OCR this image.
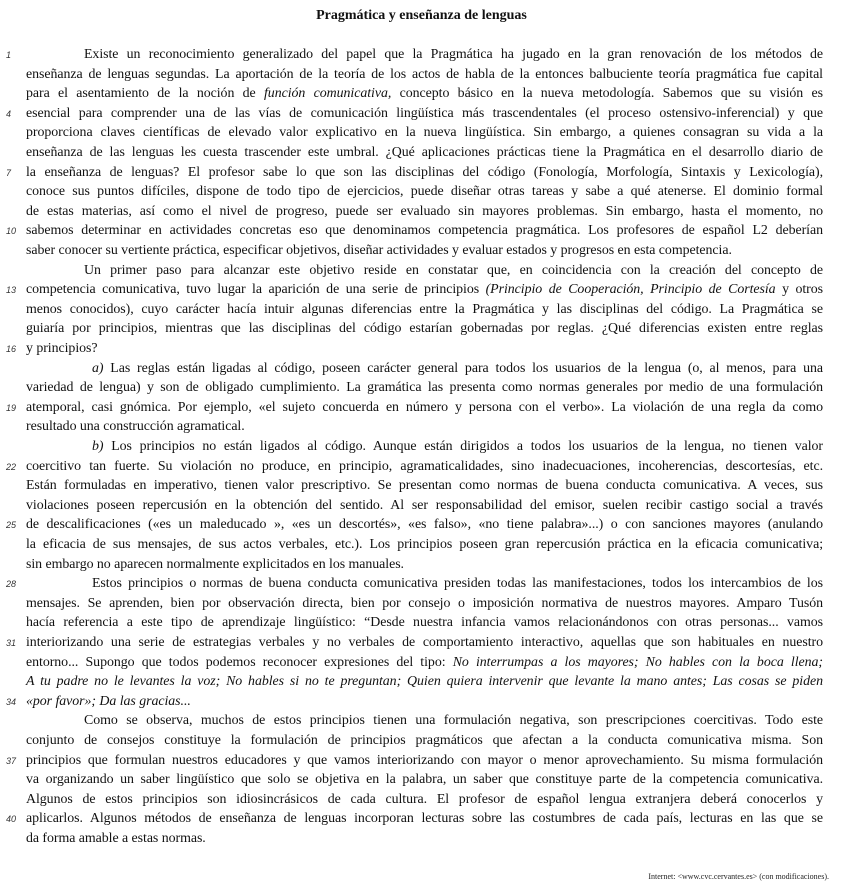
Pragmática y enseñanza de lenguas
Existe un reconocimiento generalizado del papel que la Pragmática ha jugado en la gran renovación de los métodos de
enseñanza de lenguas segundas. La aportación de la teoría de los actos de habla de la entonces balbuciente teoría pragmática fue capital
para el asentamiento de la noción de función comunicativa, concepto básico en la nueva metodología. Sabemos que su visión es
esencial para comprender una de las vías de comunicación lingüística más trascendentales (el proceso ostensivo-inferencial) y que
proporciona claves científicas de elevado valor explicativo en la nueva lingüística. Sin embargo, a quienes consagran su vida a la
enseñanza de las lenguas les cuesta trascender este umbral. ¿Qué aplicaciones prácticas tiene la Pragmática en el desarrollo diario de
la enseñanza de lenguas? El profesor sabe lo que son las disciplinas del código (Fonología, Morfología, Sintaxis y Lexicología),
conoce sus puntos difíciles, dispone de todo tipo de ejercicios, puede diseñar otras tareas y sabe a qué atenerse. El dominio formal
de estas materias, así como el nivel de progreso, puede ser evaluado sin mayores problemas. Sin embargo, hasta el momento, no
sabemos determinar en actividades concretas eso que denominamos competencia pragmática. Los profesores de español L2 deberían
saber conocer su vertiente práctica, especificar objetivos, diseñar actividades y evaluar estados y progresos en esta competencia.
Un primer paso para alcanzar este objetivo reside en constatar que, en coincidencia con la creación del concepto de
competencia comunicativa, tuvo lugar la aparición de una serie de principios (Principio de Cooperación, Principio de Cortesía y otros
menos conocidos), cuyo carácter hacía intuir algunas diferencias entre la Pragmática y las disciplinas del código. La Pragmática se
guiaría por principios, mientras que las disciplinas del código estarían gobernadas por reglas. ¿Qué diferencias existen entre reglas
y principios?
a) Las reglas están ligadas al código, poseen carácter general para todos los usuarios de la lengua (o, al menos, para una
variedad de lengua) y son de obligado cumplimiento. La gramática las presenta como normas generales por medio de una formulación
atemporal, casi gnómica. Por ejemplo, «el sujeto concuerda en número y persona con el verbo». La violación de una regla da como
resultado una construcción agramatical.
b) Los principios no están ligados al código. Aunque están dirigidos a todos los usuarios de la lengua, no tienen valor
coercitivo tan fuerte. Su violación no produce, en principio, agramaticalidades, sino inadecuaciones, incoherencias, descortesías, etc.
Están formuladas en imperativo, tienen valor prescriptivo. Se presentan como normas de buena conducta comunicativa. A veces, sus
violaciones poseen repercusión en la obtención del sentido. Al ser responsabilidad del emisor, suelen recibir castigo social a través
de descalificaciones («es un maleducado », «es un descortés», «es falso», «no tiene palabra»...) o con sanciones mayores (anulando
la eficacia de sus mensajes, de sus actos verbales, etc.). Los principios poseen gran repercusión práctica en la eficacia comunicativa;
sin embargo no aparecen normalmente explicitados en los manuales.
Estos principios o normas de buena conducta comunicativa presiden todas las manifestaciones, todos los intercambios de los
mensajes. Se aprenden, bien por observación directa, bien por consejo o imposición normativa de nuestros mayores. Amparo Tusón
hacía referencia a este tipo de aprendizaje lingüístico: “Desde nuestra infancia vamos relacionándonos con otras personas... vamos
interiorizando una serie de estrategias verbales y no verbales de comportamiento interactivo, aquellas que son habituales en nuestro
entorno... Supongo que todos podemos reconocer expresiones del tipo: No interrumpas a los mayores; No hables con la boca llena;
A tu padre no le levantes la voz; No hables si no te preguntan; Quien quiera intervenir que levante la mano antes; Las cosas se piden
«por favor»; Da las gracias...
Como se observa, muchos de estos principios tienen una formulación negativa, son prescripciones coercitivas. Todo este
conjunto de consejos constituye la formulación de principios pragmáticos que afectan a la conducta comunicativa misma. Son
principios que formulan nuestros educadores y que vamos interiorizando con mayor o menor aprovechamiento. Su misma formulación
va organizando un saber lingüístico que solo se objetiva en la palabra, un saber que constituye parte de la competencia comunicativa.
Algunos de estos principios son idiosincrásicos de cada cultura. El profesor de español lengua extranjera deberá conocerlos y
aplicarlos. Algunos métodos de enseñanza de lenguas incorporan lecturas sobre las costumbres de cada país, lecturas en las que se
da forma amable a estas normas.
1
4
7
10
13
16
19
22
25
28
31
34
37
40
Internet: <www.cvc.cervantes.es> (con modificaciones).
